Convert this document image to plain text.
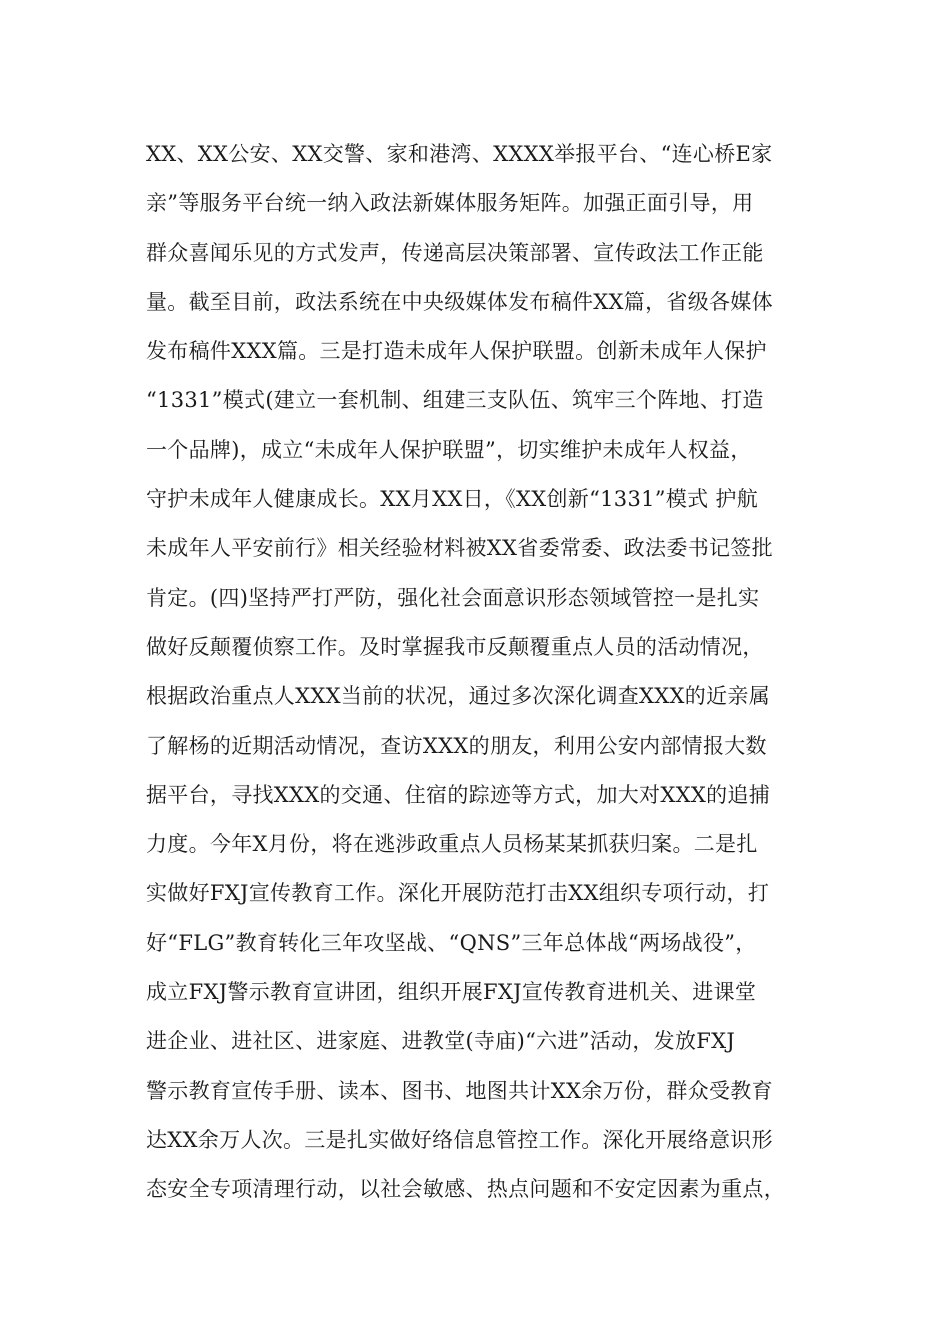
XX、XX公安、XX交警、家和港湾、XXXX举报平台、“连心桥E家
亲”等服务平台统一纳入政法新媒体服务矩阵。加强正面引导，用
群众喜闻乐见的方式发声，传递高层决策部署、宣传政法工作正能
量。截至目前，政法系统在中央级媒体发布稿件XX篇，省级各媒体
发布稿件XXX篇。三是打造未成年人保护联盟。创新未成年人保护
“1331”模式(建立一套机制、组建三支队伍、筑牢三个阵地、打造
一个品牌)，成立“未成年人保护联盟”，切实维护未成年人权益，
守护未成年人健康成长。XX月XX日，《XX创新“1331”模式 护航
未成年人平安前行》相关经验材料被XX省委常委、政法委书记签批
肯定。(四)坚持严打严防，强化社会面意识形态领域管控一是扎实
做好反颠覆侦察工作。及时掌握我市反颠覆重点人员的活动情况，
根据政治重点人XXX当前的状况，通过多次深化调查XXX的近亲属
了解杨的近期活动情况，查访XXX的朋友，利用公安内部情报大数
据平台，寻找XXX的交通、住宿的踪迹等方式，加大对XXX的追捕
力度。今年X月份，将在逃涉政重点人员杨某某抓获归案。二是扎
实做好FXJ宣传教育工作。深化开展防范打击XX组织专项行动，打
好“FLG”教育转化三年攻坚战、“QNS”三年总体战“两场战役”，
成立FXJ警示教育宣讲团，组织开展FXJ宣传教育进机关、进课堂
进企业、进社区、进家庭、进教堂(寺庙)“六进”活动，发放FXJ
警示教育宣传手册、读本、图书、地图共计XX余万份，群众受教育
达XX余万人次。三是扎实做好络信息管控工作。深化开展络意识形
态安全专项清理行动，以社会敏感、热点问题和不安定因素为重点，
